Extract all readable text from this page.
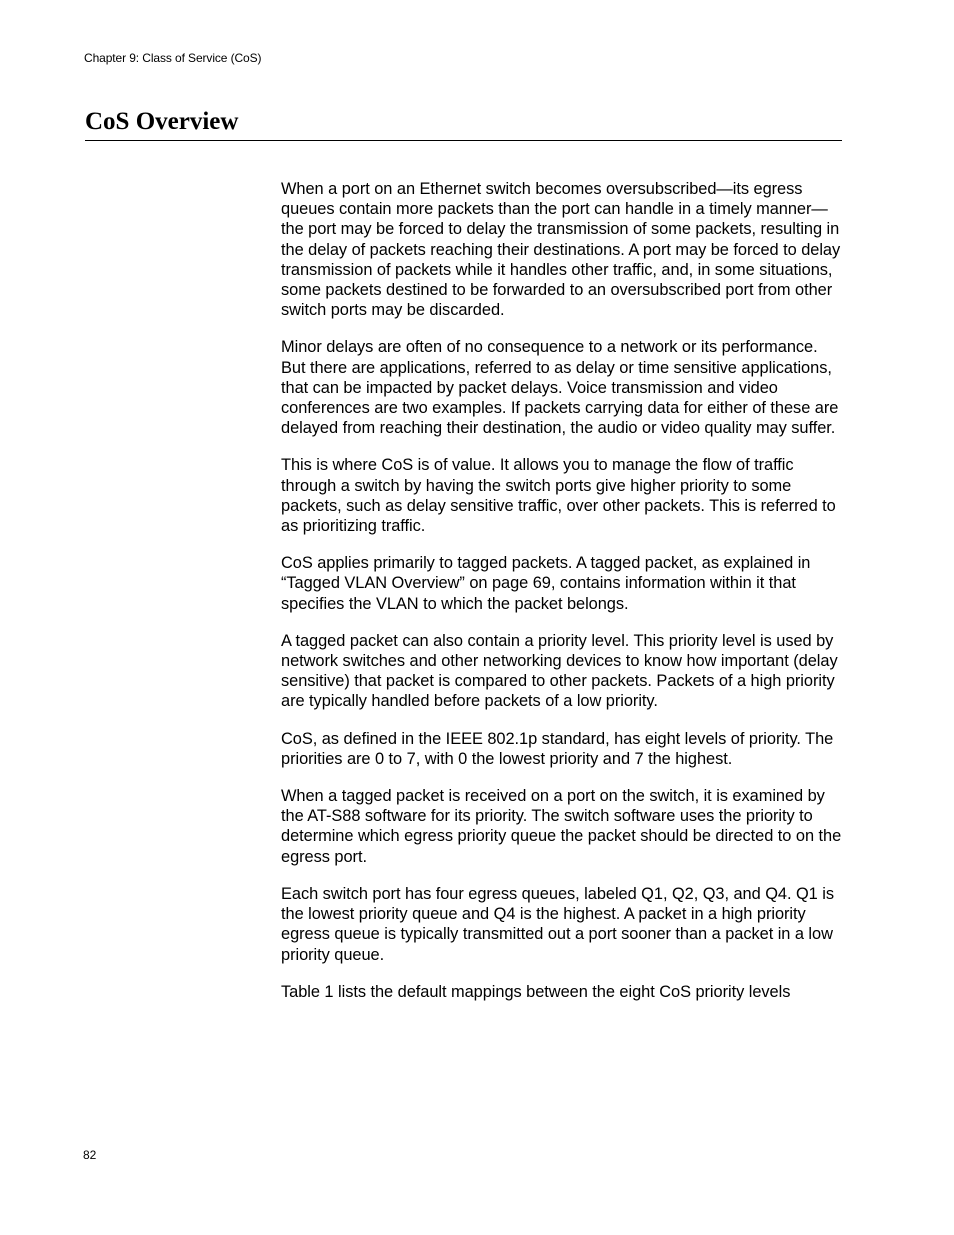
Chapter 9: Class of Service (CoS)
CoS Overview

When a port on an Ethernet switch becomes oversubscribed—its egress queues contain more packets than the port can handle in a timely manner—the port may be forced to delay the transmission of some packets, resulting in the delay of packets reaching their destinations. A port may be forced to delay transmission of packets while it handles other traffic, and, in some situations, some packets destined to be forwarded to an oversubscribed port from other switch ports may be discarded.

Minor delays are often of no consequence to a network or its performance. But there are applications, referred to as delay or time sensitive applications, that can be impacted by packet delays. Voice transmission and video conferences are two examples. If packets carrying data for either of these are delayed from reaching their destination, the audio or video quality may suffer.

This is where CoS is of value. It allows you to manage the flow of traffic through a switch by having the switch ports give higher priority to some packets, such as delay sensitive traffic, over other packets. This is referred to as prioritizing traffic.

CoS applies primarily to tagged packets. A tagged packet, as explained in “Tagged VLAN Overview” on page 69, contains information within it that specifies the VLAN to which the packet belongs.

A tagged packet can also contain a priority level. This priority level is used by network switches and other networking devices to know how important (delay sensitive) that packet is compared to other packets. Packets of a high priority are typically handled before packets of a low priority.

CoS, as defined in the IEEE 802.1p standard, has eight levels of priority. The priorities are 0 to 7, with 0 the lowest priority and 7 the highest.

When a tagged packet is received on a port on the switch, it is examined by the AT-S88 software for its priority. The switch software uses the priority to determine which egress priority queue the packet should be directed to on the egress port.

Each switch port has four egress queues, labeled Q1, Q2, Q3, and Q4. Q1 is the lowest priority queue and Q4 is the highest. A packet in a high priority egress queue is typically transmitted out a port sooner than a packet in a low priority queue.

Table 1 lists the default mappings between the eight CoS priority levels

82
